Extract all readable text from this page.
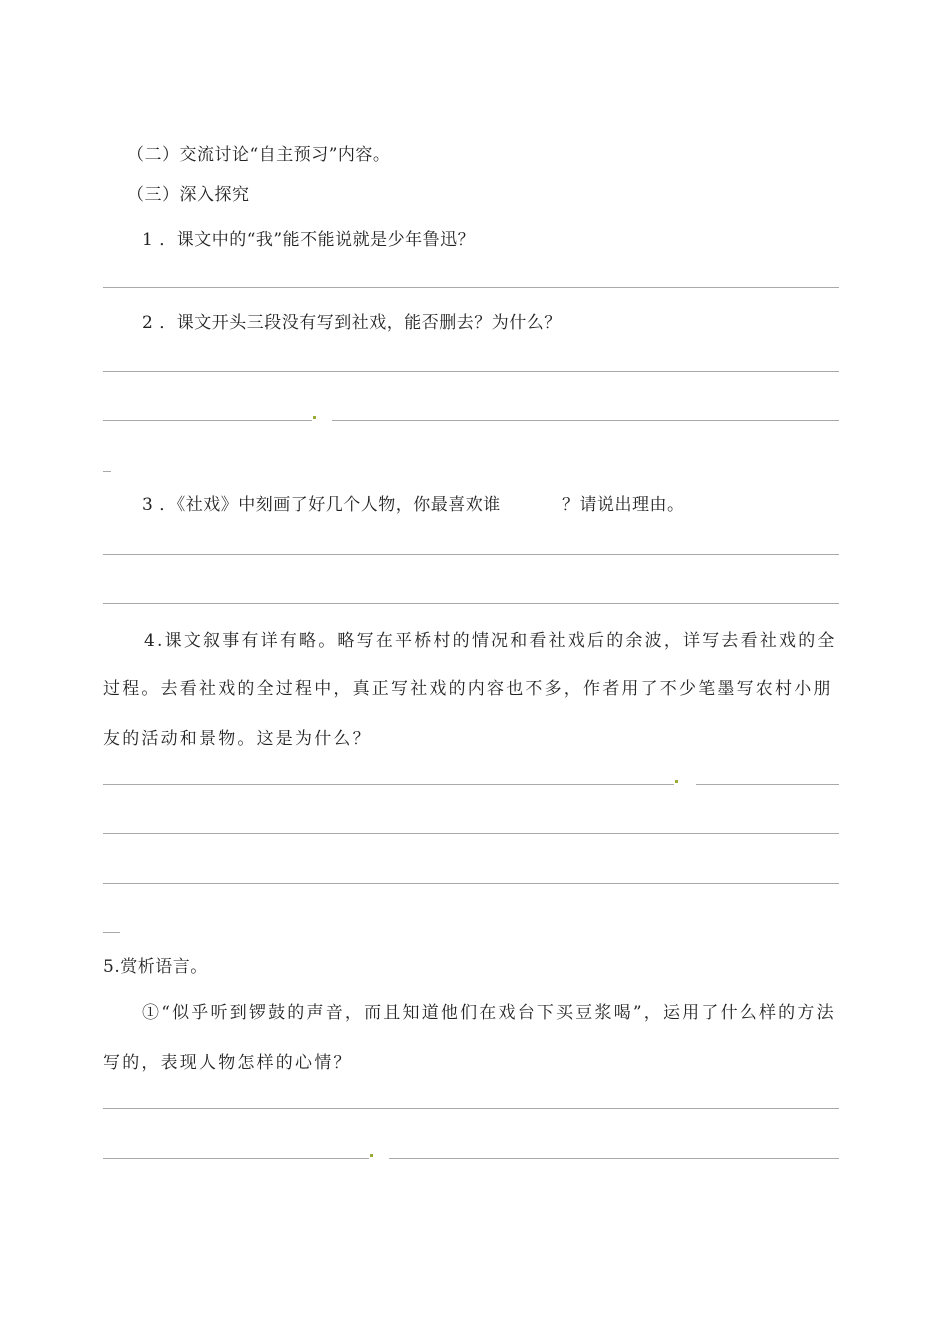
（二）交流讨论“自主预习”内容。
（三）深入探究
1 ．课文中的“我”能不能说就是少年鲁迅？
2 ．课文开头三段没有写到社戏，能否删去？为什么？
3 ．《社戏》中刻画了好几个人物，你最喜欢谁	？请说出理由。
4.课文叙事有详有略。略写在平桥村的情况和看社戏后的余波，详写去看社戏的全
过程。去看社戏的全过程中，真正写社戏的内容也不多，作者用了不少笔墨写农村小朋
友的活动和景物。这是为什么？
5.赏析语言。
①“似乎听到锣鼓的声音，而且知道他们在戏台下买豆浆喝”，运用了什么样的方法
写的，表现人物怎样的心情？
